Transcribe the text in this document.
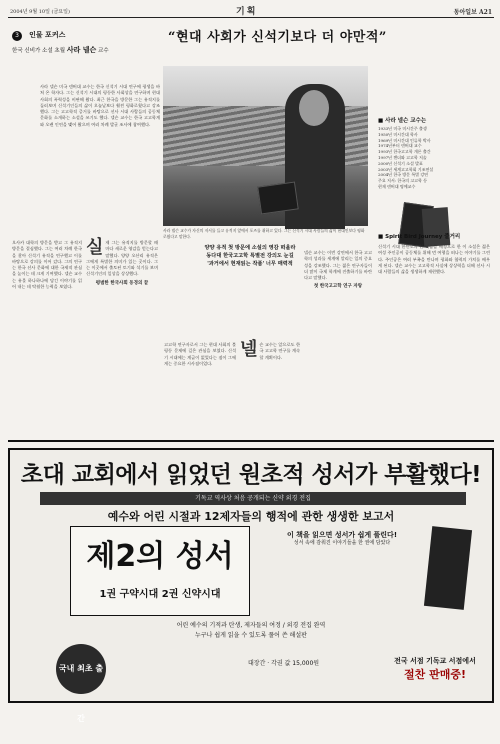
2004년 9월 10일 (금요일)	기획	동아일보 A21
3 인물 포커스
한국 신비가 소설 초월 사라 넬슨 교수
“현대 사회가 신석기보다 더 야만적”

사라 넬슨 미국 덴버대 교수는 한국 신석기 시대 연구에 평생을 바쳐 온 학자다. 그는 신석기 시대의 평등한 사회상을 연구하며 현대 사회의 폭력성을 비판해 왔다. 최근 한국을 방문한 그는 유적지를 둘러보며 신석기인들의 삶이 오늘날보다 훨씬 평화로웠다고 강조했다. 그는 고고학적 증거를 바탕으로 선사 시대 사람들의 공동체 문화를 소개하는 소설을 쓰기도 했다. 넬슨 교수는 한국 고고학계와 오랜 인연을 맺어 왔으며 여러 차례 발굴 조사에 참여했다.

사라 넬슨 교수가 자신의 저서를 들고 유적지 앞에서 포즈를 취하고 있다. 그는 신석기 시대 사람들의 삶이 현대인보다 평화로웠다고 말한다.

양양 유적 첫 방문에 소설의 영감 떠올라
동다대 한국고고학 특별전 강의도 눈길
'과거에서 현재읽는 작품' 너무 매력적

오사카 대학의 방문을 받고 그 유적지 방문을 결심했다. 그는 여러 차례 한국을 찾아 신석기 유적을 연구했고 이를 바탕으로 강의를 이어 갔다. 그의 연구는 한국 선사 문화에 대한 국제적 관심을 높이는 데 크게 기여했다. 넬슨 교수는 유물 하나하나에 담긴 이야기를 읽어 내는 데 탁월한 능력을 보였다.

실 제 그는 유적지를 방문할 때마다 새로운 영감을 얻는다고 말했다. 양양 오산리 유적은 그에게 특별한 의미가 있는 곳이다. 그는 이곳에서 출토된 토기와 석기를 보며 신석기인의 일상을 상상했다.
평범한 한국사회 동경의 끝

고고학 연구자로서 그는 현대 사회의 불평등 문제에 깊은 관심을 보였다. 신석기 시대에는 계급이 없었다는 점이 그에게는 중요한 시사점이었다.

넬 슨 교수는 앞으로도 한국 고고학 연구를 계속할 계획이다.
넬슨 교수는 이번 강연에서 한국 고고학의 성과를 세계에 알리는 일의 중요성을 강조했다. 그는 젊은 연구자들이 더 많이 국제 학계에 진출하기를 바란다고 말했다.
첫 한국고고학 연구 자랑
■ 사라 넬슨 교수는
1933년 미국 미시간주 출생
1950년 미시간대 학사
1969년 미시간대 인류학 박사
1974년부터 덴버대 교수
1993년 한국고고학 개론 출간
1997년 젠더와 고고학 저술
2000년 신석기 소설 발표
2003년 세계고고학회 기조연설
2004년 한국 방문 특별 강연
주요 저서: 한국의 고고학 등
현재 덴버대 명예교수
■ Spirit Bird Journey 줄거리

신석기 시대 한반도의 한 마을을 배경으로 한 이 소설은 젊은 여성 주인공이 공동체를 위해 먼 여행을 떠나는 이야기를 그린다. 주인공은 여러 부족을 만나며 평화와 협력의 가치를 배우게 된다. 넬슨 교수는 고고학적 사실에 상상력을 더해 선사 시대 사람들의 삶을 생생하게 재현했다.

초대 교회에서 읽었던 원초적 성서가 부활했다!
기독교 역사상 처음 공개되는 신약 외경 전집
예수와 어린 시절과 12제자들의 행적에 관한 생생한 보고서
제2의 성서
1권 구약시대 2권 신약시대
이 책을 읽으면 성서가 쉽게 풀린다!
성서 속에 감춰진 이야기들을 한 권에 담았다
어린 예수의 기적과 탄생, 제자들의 여정 / 외경 전집 완역
누구나 쉽게 읽을 수 있도록 풀어 쓴 해설판
국내 최초 출간
대장간 · 각권 값 15,000원	전국 서점 기독교 서점에서
절찬 판매중!
